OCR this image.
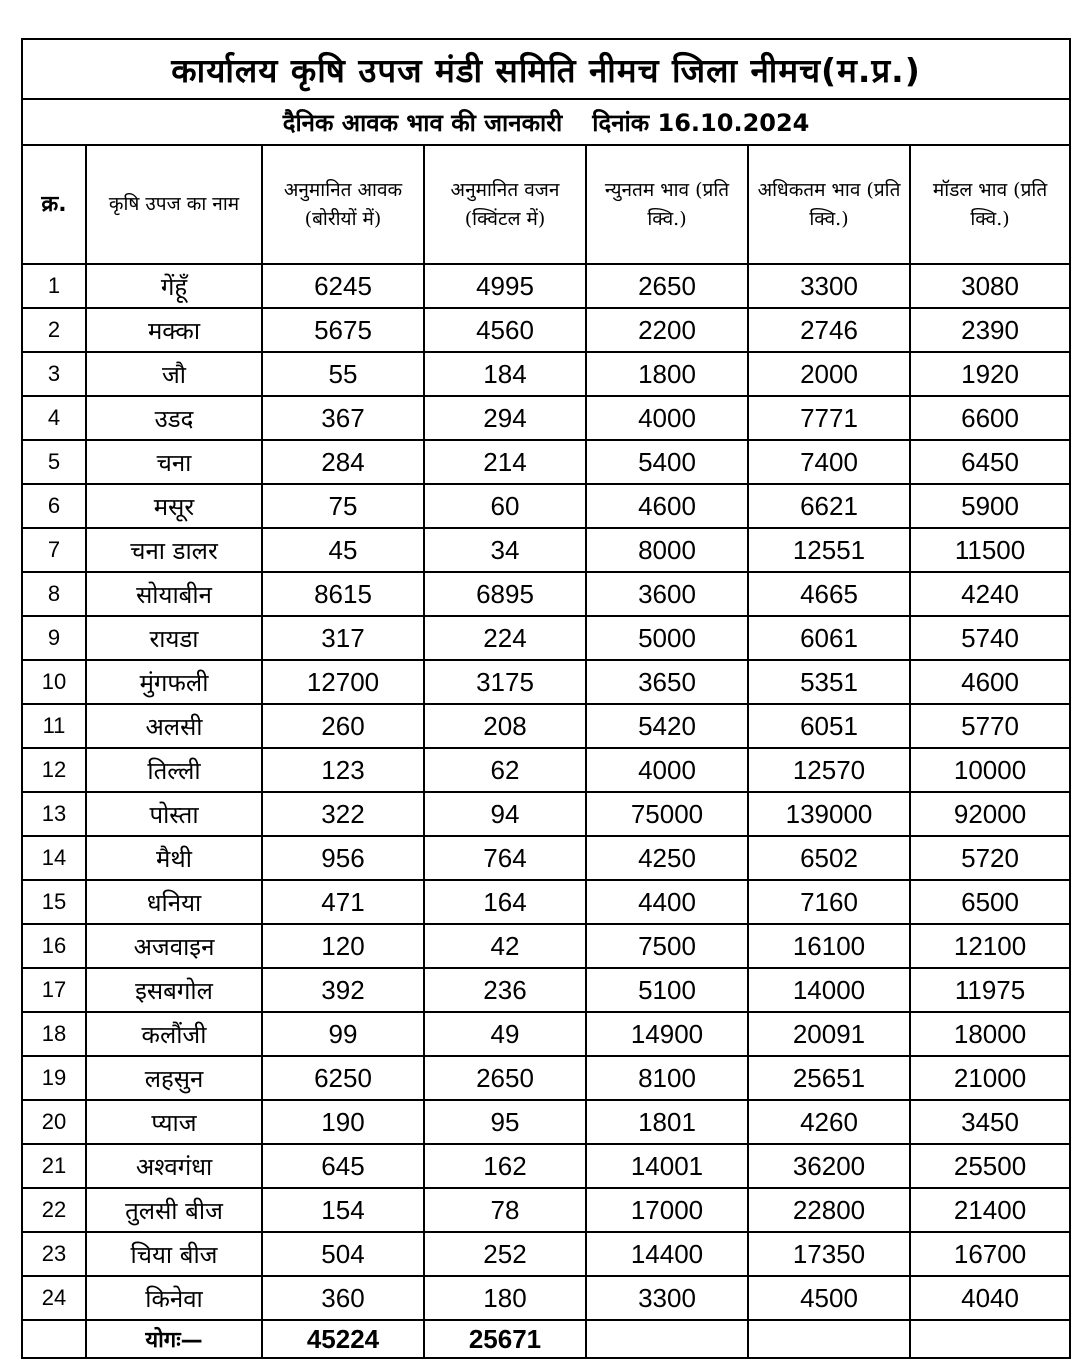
कार्यालय कृषि उपज मंडी समिति नीमच जिला नीमच(म.प्र.)						
दैनिक आवक भाव की जानकारी दिनांक 16.10.2024						
क्र.	कृषि उपज का नाम	अनुमानित आवक (बोरीयों में)	अनुमानित वजन (क्विंटल में)	न्युनतम भाव (प्रति क्वि.)	अधिकतम भाव (प्रति क्वि.)	मॉडल भाव (प्रति क्वि.)
1	गेंहूँ	6245	4995	2650	3300	3080
2	मक्का	5675	4560	2200	2746	2390
3	जौ	55	184	1800	2000	1920
4	उडद	367	294	4000	7771	6600
5	चना	284	214	5400	7400	6450
6	मसूर	75	60	4600	6621	5900
7	चना डालर	45	34	8000	12551	11500
8	सोयाबीन	8615	6895	3600	4665	4240
9	रायडा	317	224	5000	6061	5740
10	मुंगफली	12700	3175	3650	5351	4600
11	अलसी	260	208	5420	6051	5770
12	तिल्ली	123	62	4000	12570	10000
13	पोस्ता	322	94	75000	139000	92000
14	मैथी	956	764	4250	6502	5720
15	धनिया	471	164	4400	7160	6500
16	अजवाइन	120	42	7500	16100	12100
17	इसबगोल	392	236	5100	14000	11975
18	कलौंजी	99	49	14900	20091	18000
19	लहसुन	6250	2650	8100	25651	21000
20	प्याज	190	95	1801	4260	3450
21	अश्वगंधा	645	162	14001	36200	25500
22	तुलसी बीज	154	78	17000	22800	21400
23	चिया बीज	504	252	14400	17350	16700
24	किनेवा	360	180	3300	4500	4040
	योगः—	45224	25671			
